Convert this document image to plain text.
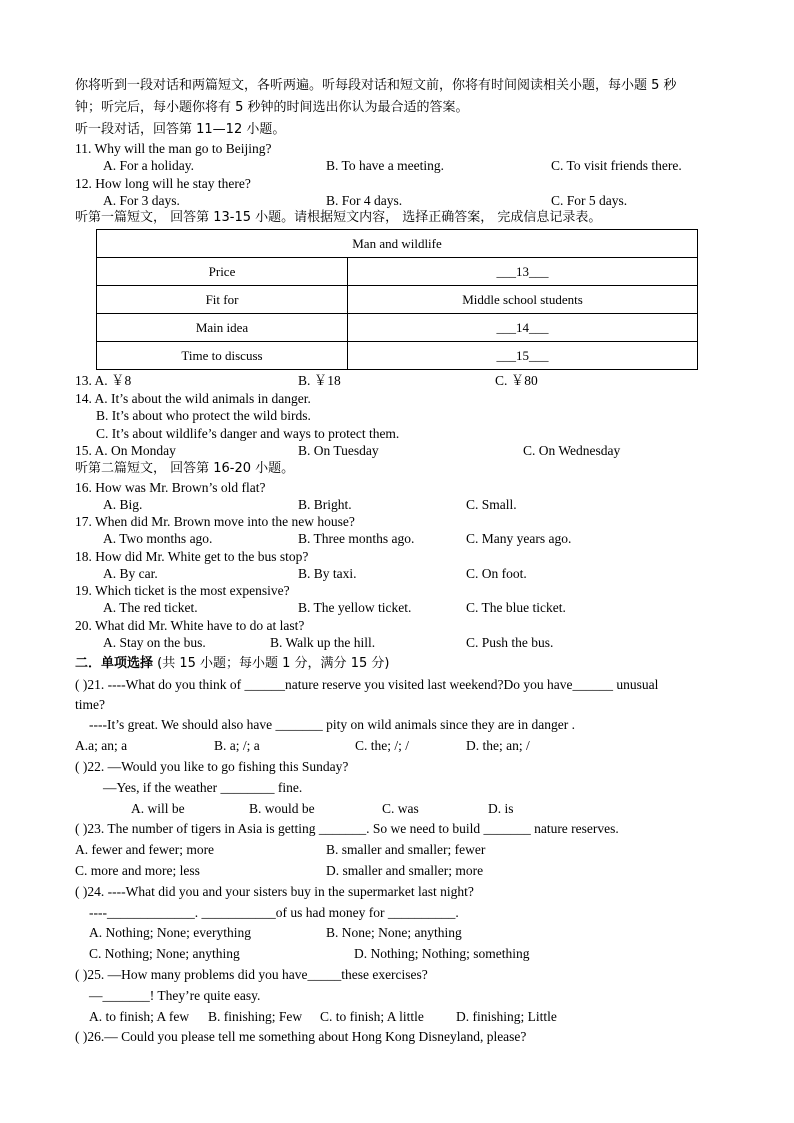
你将听到一段对话和两篇短文，各听两遍。听每段对话和短文前，你将有时间阅读相关小题，每小题 5 秒
钟；听完后，每小题你将有 5 秒钟的时间选出你认为最合适的答案。
听一段对话，回答第 11—12 小题。
11. Why will the man go to Beijing?
A. For a holiday.	B. To have a meeting.	C. To visit friends there.
12. How long will he stay there?
A. For 3 days.	B. For 4 days.	C. For 5 days.
听第一篇短文， 回答第 13-15 小题。请根据短文内容， 选择正确答案， 完成信息记录表。
Man and wildlife	
Price	___13___
Fit for	Middle school students
Main idea	___14___
Time to discuss	___15___
13. A. ￥8	B. ￥18	C. ￥80
14. A. It’s about the wild animals in danger.
B. It’s about who protect the wild birds.
C. It’s about wildlife’s danger and ways to protect them.
15. A. On Monday	B. On Tuesday	C. On Wednesday
听第二篇短文， 回答第 16-20 小题。
16. How was Mr. Brown’s old flat?
A. Big.	B. Bright.	C. Small.
17. When did Mr. Brown move into the new house?
A. Two months ago.	B. Three months ago.	C. Many years ago.
18. How did Mr. White get to the bus stop?
A. By car.	B. By taxi.	C. On foot.
19. Which ticket is the most expensive?
A. The red ticket.	B. The yellow ticket.	C. The blue ticket.
20. What did Mr. White have to do at last?
A. Stay on the bus.	B. Walk up the hill.	C. Push the bus.
二．单项选择 (共 15 小题；每小题 1 分，满分 15 分)
( )21. ----What do you think of ______nature reserve you visited last weekend?Do you have______ unusual
time?
----It’s great. We should also have _______ pity on wild animals since they are in danger .
A.a; an; a	B. a; /; a	C. the; /; /	D. the; an; /
( )22. —Would you like to go fishing this Sunday?
—Yes, if the weather ________ fine.
A. will be	B. would be	C. was	D. is
( )23. The number of tigers in Asia is getting _______. So we need to build _______ nature reserves.
A. fewer and fewer; more	B. smaller and smaller; fewer
C. more and more; less	D. smaller and smaller; more
( )24. ----What did you and your sisters buy in the supermarket last night?
----_____________. ___________of us had money for __________.
A. Nothing; None; everything	B. None; None; anything
C. Nothing; None; anything	D. Nothing; Nothing; something
( )25. —How many problems did you have_____these exercises?
—_______! They’re quite easy.
A. to finish; A few B. finishing; Few C. to finish; A little D. finishing; Little
( )26.— Could you please tell me something about Hong Kong Disneyland, please?
